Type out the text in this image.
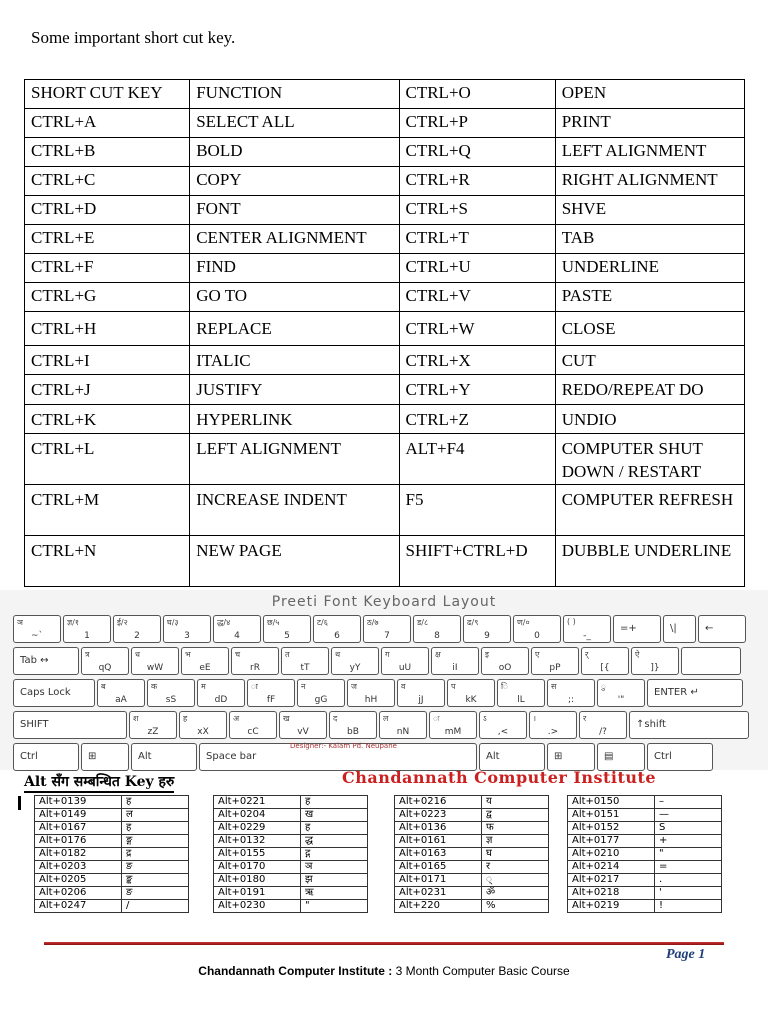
Some important short cut key.
SHORT CUT KEY	FUNCTION	CTRL+O	OPEN
CTRL+A	SELECT ALL	CTRL+P	PRINT
CTRL+B	BOLD	CTRL+Q	LEFT ALIGNMENT
CTRL+C	COPY	CTRL+R	RIGHT ALIGNMENT
CTRL+D	FONT	CTRL+S	SHVE
CTRL+E	CENTER ALIGNMENT	CTRL+T	TAB
CTRL+F	FIND	CTRL+U	UNDERLINE
CTRL+G	GO TO	CTRL+V	PASTE
CTRL+H	REPLACE	CTRL+W	CLOSE
CTRL+I	ITALIC	CTRL+X	CUT
CTRL+J	JUSTIFY	CTRL+Y	REDO/REPEAT DO
CTRL+K	HYPERLINK	CTRL+Z	UNDIO
CTRL+L	LEFT ALIGNMENT	ALT+F4	COMPUTER SHUT DOWN / RESTART
CTRL+M	INCREASE INDENT	F5	COMPUTER REFRESH
CTRL+N	NEW PAGE	SHIFT+CTRL+D	DUBBLE UNDERLINE
Preeti Font Keyboard Layout
ञ
~`
ज्ञ/१
1
ई/२
2
घ/३
3
द्ध/४
4
छ/५
5
ट/६
6
ठ/७
7
ड/८
8
ढ/९
9
ण/०
0
( )
-_
=+	\|	←
Tab ↔
त्र
qQ
ध
wW
भ
eE
च
rR
त
tT
थ
yY
ग
uU
क्ष
iI
इ
oO
ए
pP
र्
[{
ऐ
]}
Caps Lock
ब
aA
क
sS
म
dD
ा
fF
न
gG
ज
hH
व
jJ
प
kK
ि
lL
स
;:
ु
'"
ENTER ↵
SHIFT
श
zZ
ह
xX
अ
cC
ख
vV
द
bB
ल
nN
ः
mM
ऽ
,<
।
.>
र
/?
↑shift
Ctrl	⊞	Alt	Space bar	Alt	⊞	▤	Ctrl
Designer:- Kalam Pd. Neupane
Alt सँग सम्बन्धित Key हरु	Chandannath Computer Institute
Alt+0139	ह
Alt+0149	ल
Alt+0167	ह
Alt+0176	ङ्ग
Alt+0182	द्र
Alt+0203	ङ
Alt+0205	ङ्क
Alt+0206	ङ
Alt+0247	/
Alt+0221	ह
Alt+0204	ख
Alt+0229	ह
Alt+0132	द्ध
Alt+0155	द्ग
Alt+0170	ञ
Alt+0180	झ
Alt+0191	ऋ
Alt+0230	"
Alt+0216	य
Alt+0223	द्व
Alt+0136	फ
Alt+0161	ज्ञ
Alt+0163	घ
Alt+0165	र
Alt+0171	्
Alt+0231	ॐ
Alt+220	%
Alt+0150	–
Alt+0151	—
Alt+0152	S
Alt+0177	+
Alt+0210	"
Alt+0214	=
Alt+0217	.
Alt+0218	'
Alt+0219	!
Page 1
Chandannath Computer Institute : 3 Month Computer Basic Course
